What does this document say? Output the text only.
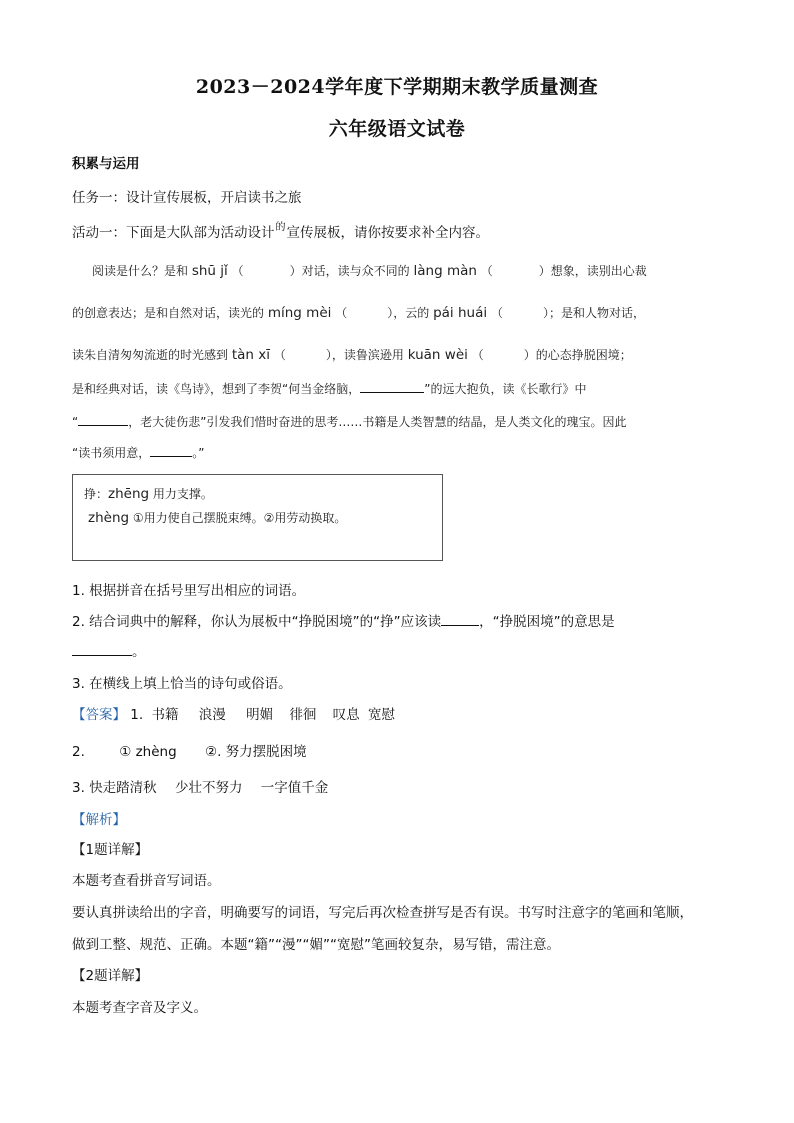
2023－2024学年度下学期期末教学质量测查
六年级语文试卷
积累与运用
任务一：设计宣传展板，开启读书之旅
活动一：下面是大队部为活动设计$^的$宣传展板，请你按要求补全内容。
阅读是什么？是和 shū jǐ （	）对话，读与众不同的 làng màn （	）想象，读别出心裁
的创意表达；是和自然对话，读光的 míng mèi （	），云的 pái huái （	）；是和人物对话，
读朱自清匆匆流逝的时光感到 tàn xī （	），读鲁滨逊用 kuān wèi （	）的心态挣脱困境；
是和经典对话，读《鸟诗》，想到了李贺“何当金络脑，	”的远大抱负，读《长歌行》中
“	，老大徒伤悲”引发我们惜时奋进的思考……书籍是人类智慧的结晶，是人类文化的瑰宝。因此
“读书须用意，	。”
挣：zhēng 用力支撑。
zhèng ①用力使自己摆脱束缚。②用劳动换取。
1. 根据拼音在括号里写出相应的词语。
2. 结合词典中的解释，你认为展板中“挣脱困境”的“挣”应该读	，“挣脱困境”的意思是
。
3. 在横线上填上恰当的诗句或俗语。
【答案】 1. 书籍 浪漫 明媚 徘徊 叹息 宽慰
2.	① zhèng ②. 努力摆脱困境
3. 快走踏清秋 少壮不努力 一字值千金
【解析】
【1题详解】
本题考查看拼音写词语。
要认真拼读给出的字音，明确要写的词语，写完后再次检查拼写是否有误。书写时注意字的笔画和笔顺，
做到工整、规范、正确。本题“籍”“漫”“媚”“宽慰”笔画较复杂，易写错，需注意。
【2题详解】
本题考查字音及字义。
